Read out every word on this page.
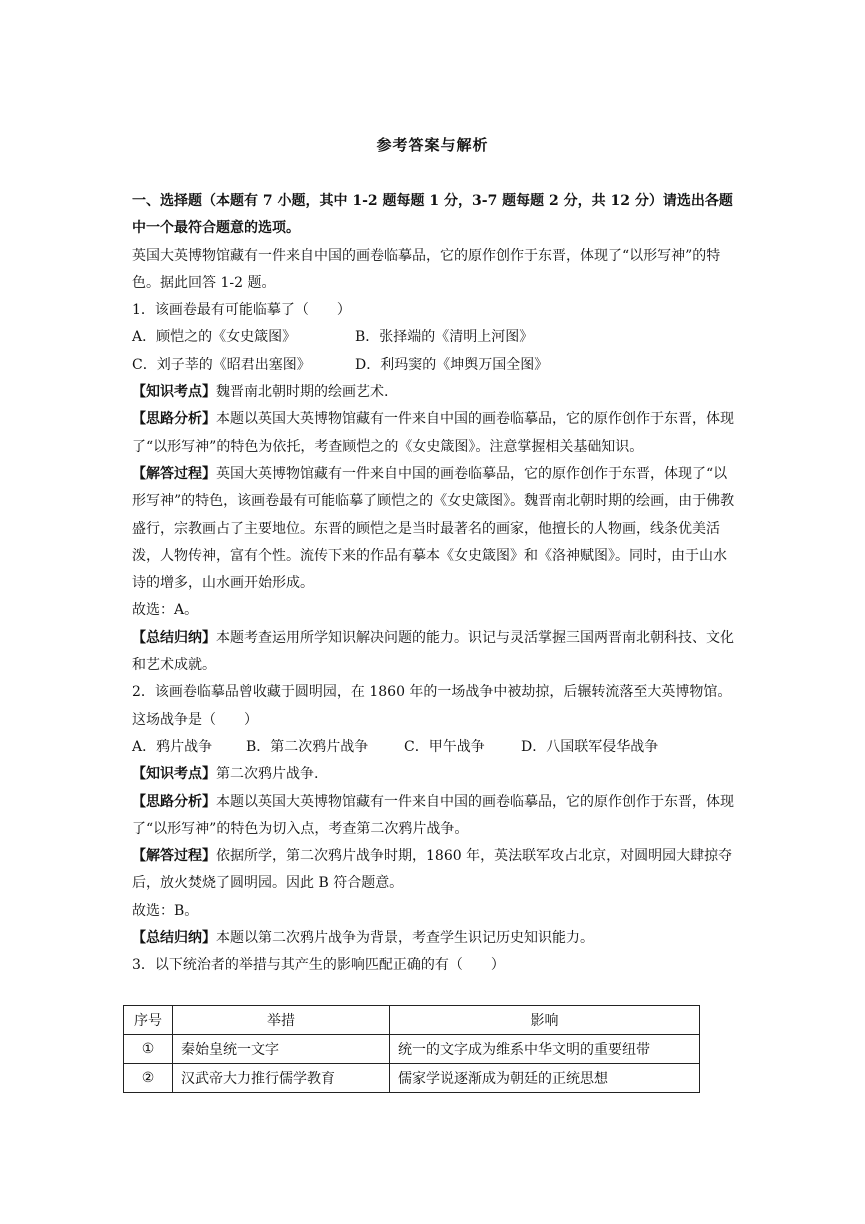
参考答案与解析

一、选择题（本题有 7 小题，其中 1-2 题每题 1 分，3-7 题每题 2 分，共 12 分）请选出各题中一个最符合题意的选项。

英国大英博物馆藏有一件来自中国的画卷临摹品，它的原作创作于东晋，体现了“以形写神”的特色。据此回答 1-2 题。

1．该画卷最有可能临摹了（　　）

A．顾恺之的《女史箴图》	B．张择端的《清明上河图》

C．刘子莘的《昭君出塞图》	D．利玛窦的《坤舆万国全图》

【知识考点】魏晋南北朝时期的绘画艺术.

【思路分析】本题以英国大英博物馆藏有一件来自中国的画卷临摹品，它的原作创作于东晋，体现了“以形写神”的特色为依托，考查顾恺之的《女史箴图》。注意掌握相关基础知识。

【解答过程】英国大英博物馆藏有一件来自中国的画卷临摹品，它的原作创作于东晋，体现了“以形写神”的特色，该画卷最有可能临摹了顾恺之的《女史箴图》。魏晋南北朝时期的绘画，由于佛教盛行，宗教画占了主要地位。东晋的顾恺之是当时最著名的画家，他擅长的人物画，线条优美活泼，人物传神，富有个性。流传下来的作品有摹本《女史箴图》和《洛神赋图》。同时，由于山水诗的增多，山水画开始形成。

故选：A。

【总结归纳】本题考查运用所学知识解决问题的能力。识记与灵活掌握三国两晋南北朝科技、文化和艺术成就。

2．该画卷临摹品曾收藏于圆明园，在 1860 年的一场战争中被劫掠，后辗转流落至大英博物馆。这场战争是（　　）

A．鸦片战争 B．第二次鸦片战争	C．甲午战争	D．八国联军侵华战争

【知识考点】第二次鸦片战争.

【思路分析】本题以英国大英博物馆藏有一件来自中国的画卷临摹品，它的原作创作于东晋，体现了“以形写神”的特色为切入点，考查第二次鸦片战争。

【解答过程】依据所学，第二次鸦片战争时期，1860 年，英法联军攻占北京，对圆明园大肆掠夺后，放火焚烧了圆明园。因此 B 符合题意。

故选：B。

【总结归纳】本题以第二次鸦片战争为背景，考查学生识记历史知识能力。

3．以下统治者的举措与其产生的影响匹配正确的有（　　）

序号	举措	影响
①	秦始皇统一文字	统一的文字成为维系中华文明的重要纽带
②	汉武帝大力推行儒学教育	儒家学说逐渐成为朝廷的正统思想
